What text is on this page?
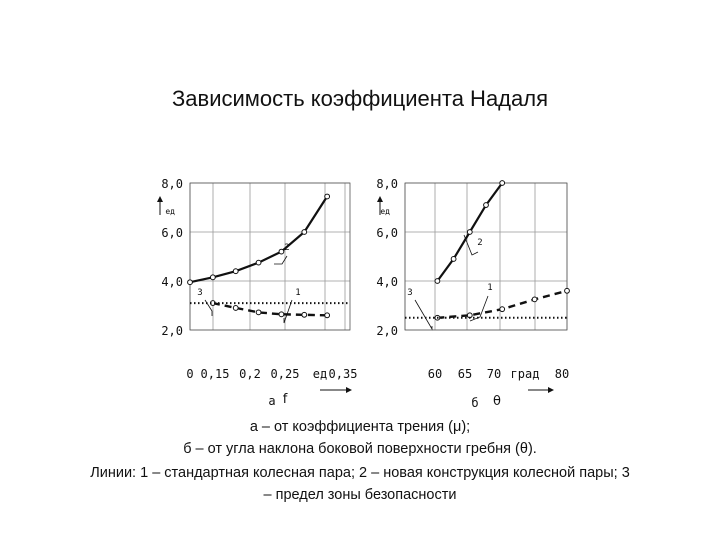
Зависимость коэффициента Надаля
f
2,0
4,0
6,0
8,0
ед
0 0,15 0,2 0,25 0,35
ед
а
2
1
3
θ
2,0
4,0
6,0
8,0
ед
60 65 70	80
град
б
2
1
3
а – от коэффициента трения (μ);
б – от угла наклона боковой поверхности гребня (θ).
Линии: 1 – стандартная колесная пара; 2 – новая конструкция колесной пары; 3
– предел зоны безопасности
